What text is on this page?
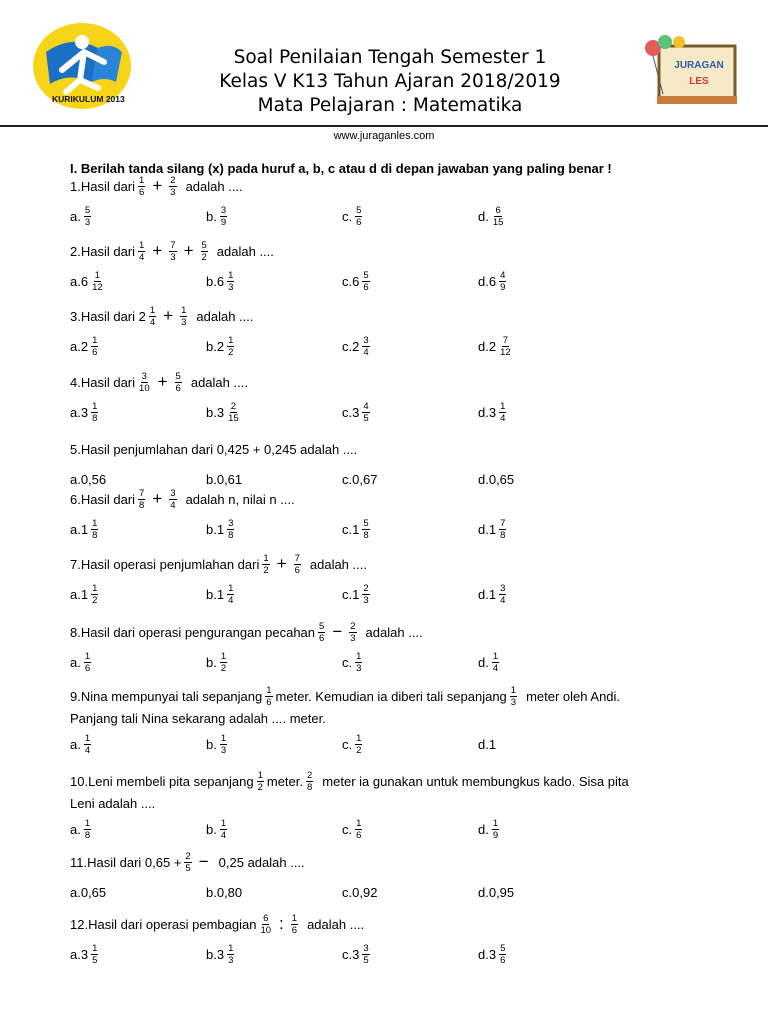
KURIKULUM 2013
JURAGAN
LES
Soal Penilaian Tengah Semester 1
Kelas V K13 Tahun Ajaran 2018/2019
Mata Pelajaran : Matematika
www.juraganles.com
I. Berilah tanda silang (x) pada huruf a, b, c atau d di depan jawaban yang paling benar !
1. Hasil dari $\frac{1}{6} + \frac{2}{3}$ adalah ....
a. $\frac{5}{3}$	b. $\frac{3}{9}$	c. $\frac{5}{6}$	d. $\frac{6}{15}$
2. Hasil dari $\frac{1}{4} + \frac{7}{3} + \frac{5}{2}$ adalah ....
a. $6 \frac{1}{12}$	b. $6 \frac{1}{3}$	c. $6 \frac{5}{6}$	d. $6 \frac{4}{9}$
3. Hasil dari $2 \frac{1}{4} + \frac{1}{3}$ adalah ....
a. $2 \frac{1}{6}$	b. $2 \frac{1}{2}$	c. $2 \frac{3}{4}$	d. $2 \frac{7}{12}$
4. Hasil dari $\frac{3}{10} + \frac{5}{6}$ adalah ....
a. $3 \frac{1}{8}$	b. $3 \frac{2}{15}$	c. $3 \frac{4}{5}$	d. $3 \frac{1}{4}$
5. Hasil penjumlahan dari 0,425 + 0,245 adalah ....
a. 0,56	b. 0,61	c. 0,67	d. 0,65
6. Hasil dari $\frac{7}{8} + \frac{3}{4}$ adalah n, nilai n ....
a. $1 \frac{1}{8}$	b. $1 \frac{3}{8}$	c. $1 \frac{5}{8}$	d. $1 \frac{7}{8}$
7. Hasil operasi penjumlahan dari $\frac{1}{2} + \frac{7}{6}$ adalah ....
a. $1 \frac{1}{2}$	b. $1 \frac{1}{4}$	c. $1 \frac{2}{3}$	d. $1 \frac{3}{4}$
8. Hasil dari operasi pengurangan pecahan $\frac{5}{6} - \frac{2}{3}$ adalah ....
a. $\frac{1}{6}$	b. $\frac{1}{2}$	c. $\frac{1}{3}$	d. $\frac{1}{4}$
9. Nina mempunyai tali sepanjang $\frac{1}{6}$ meter. Kemudian ia diberi tali sepanjang $\frac{1}{3}$ meter oleh Andi.
Panjang tali Nina sekarang adalah .... meter.
a. $\frac{1}{4}$	b. $\frac{1}{3}$	c. $\frac{1}{2}$	d. 1
10. Leni membeli pita sepanjang $\frac{1}{2}$ meter. $\frac{2}{8}$ meter ia gunakan untuk membungkus kado. Sisa pita
Leni adalah ....
a. $\frac{1}{8}$	b. $\frac{1}{4}$	c. $\frac{1}{6}$	d. $\frac{1}{9}$
11. Hasil dari $0,65 + \frac{2}{5} - 0,25$ adalah ....
a. 0,65	b. 0,80	c. 0,92	d. 0,95
12. Hasil dari operasi pembagian $\frac{6}{10}$ : $\frac{1}{6}$ adalah ....
a. $3 \frac{1}{5}$	b. $3 \frac{1}{3}$	c. $3 \frac{3}{5}$	d. $3 \frac{5}{6}$
